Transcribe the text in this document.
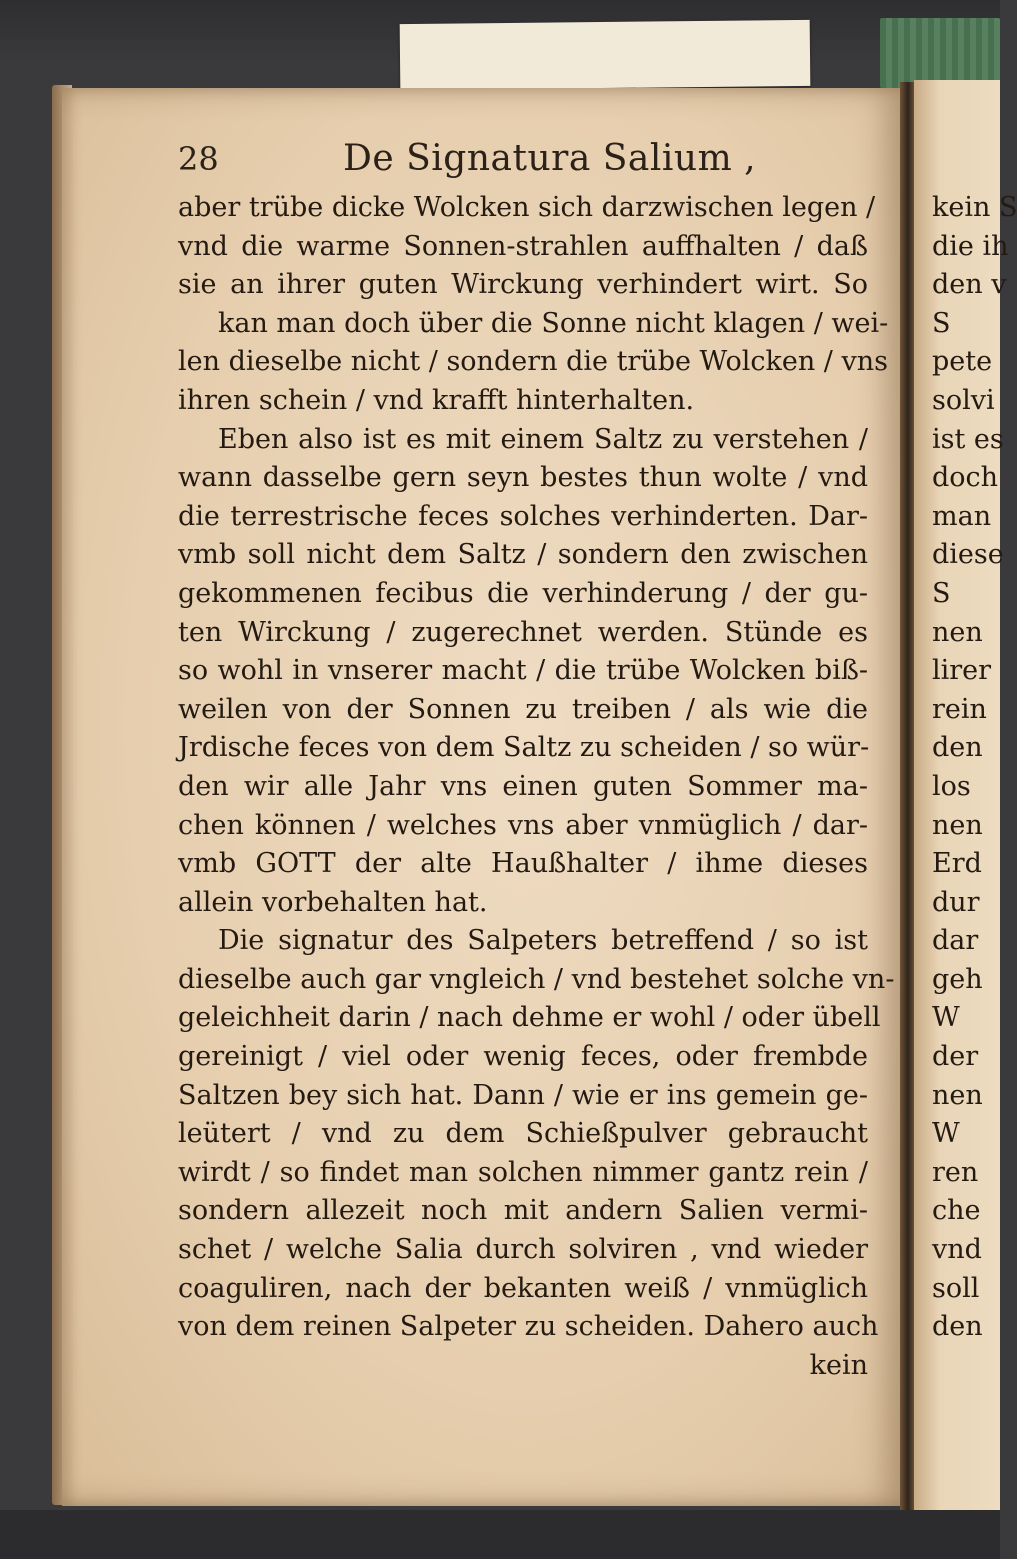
28	De Signatura Salium ,
aber trübe dicke Wolcken sich darzwischen legen /
vnd die warme Sonnen-strahlen auffhalten / daß
sie an ihrer guten Wirckung verhindert wirt. So
kan man doch über die Sonne nicht klagen / wei-
len dieselbe nicht / sondern die trübe Wolcken / vns
ihren schein / vnd krafft hinterhalten.
Eben also ist es mit einem Saltz zu verstehen /
wann dasselbe gern seyn bestes thun wolte / vnd
die terrestrische feces solches verhinderten. Dar-
vmb soll nicht dem Saltz / sondern den zwischen
gekommenen fecibus die verhinderung / der gu-
ten Wirckung / zugerechnet werden. Stünde es
so wohl in vnserer macht / die trübe Wolcken biß-
weilen von der Sonnen zu treiben / als wie die
Jrdische feces von dem Saltz zu scheiden / so wür-
den wir alle Jahr vns einen guten Sommer ma-
chen können / welches vns aber vnmüglich / dar-
vmb GOTT der alte Haußhalter / ihme dieses
allein vorbehalten hat.
Die signatur des Salpeters betreffend / so ist
dieselbe auch gar vngleich / vnd bestehet solche vn-
geleichheit darin / nach dehme er wohl / oder übell
gereinigt / viel oder wenig feces, oder frembde
Saltzen bey sich hat. Dann / wie er ins gemein ge-
leütert / vnd zu dem Schießpulver gebraucht
wirdt / so findet man solchen nimmer gantz rein /
sondern allezeit noch mit andern Salien vermi-
schet / welche Salia durch solviren , vnd wieder
coaguliren, nach der bekanten weiß / vnmüglich
von dem reinen Salpeter zu scheiden. Dahero auch
kein
kein S
die ih
den v
S
pete
solvi
ist es
doch
man
diese
S
nen
lirer
rein
den
los
nen
Erd
dur
dar
geh
W
der
nen
W
ren
che
vnd
soll
den
